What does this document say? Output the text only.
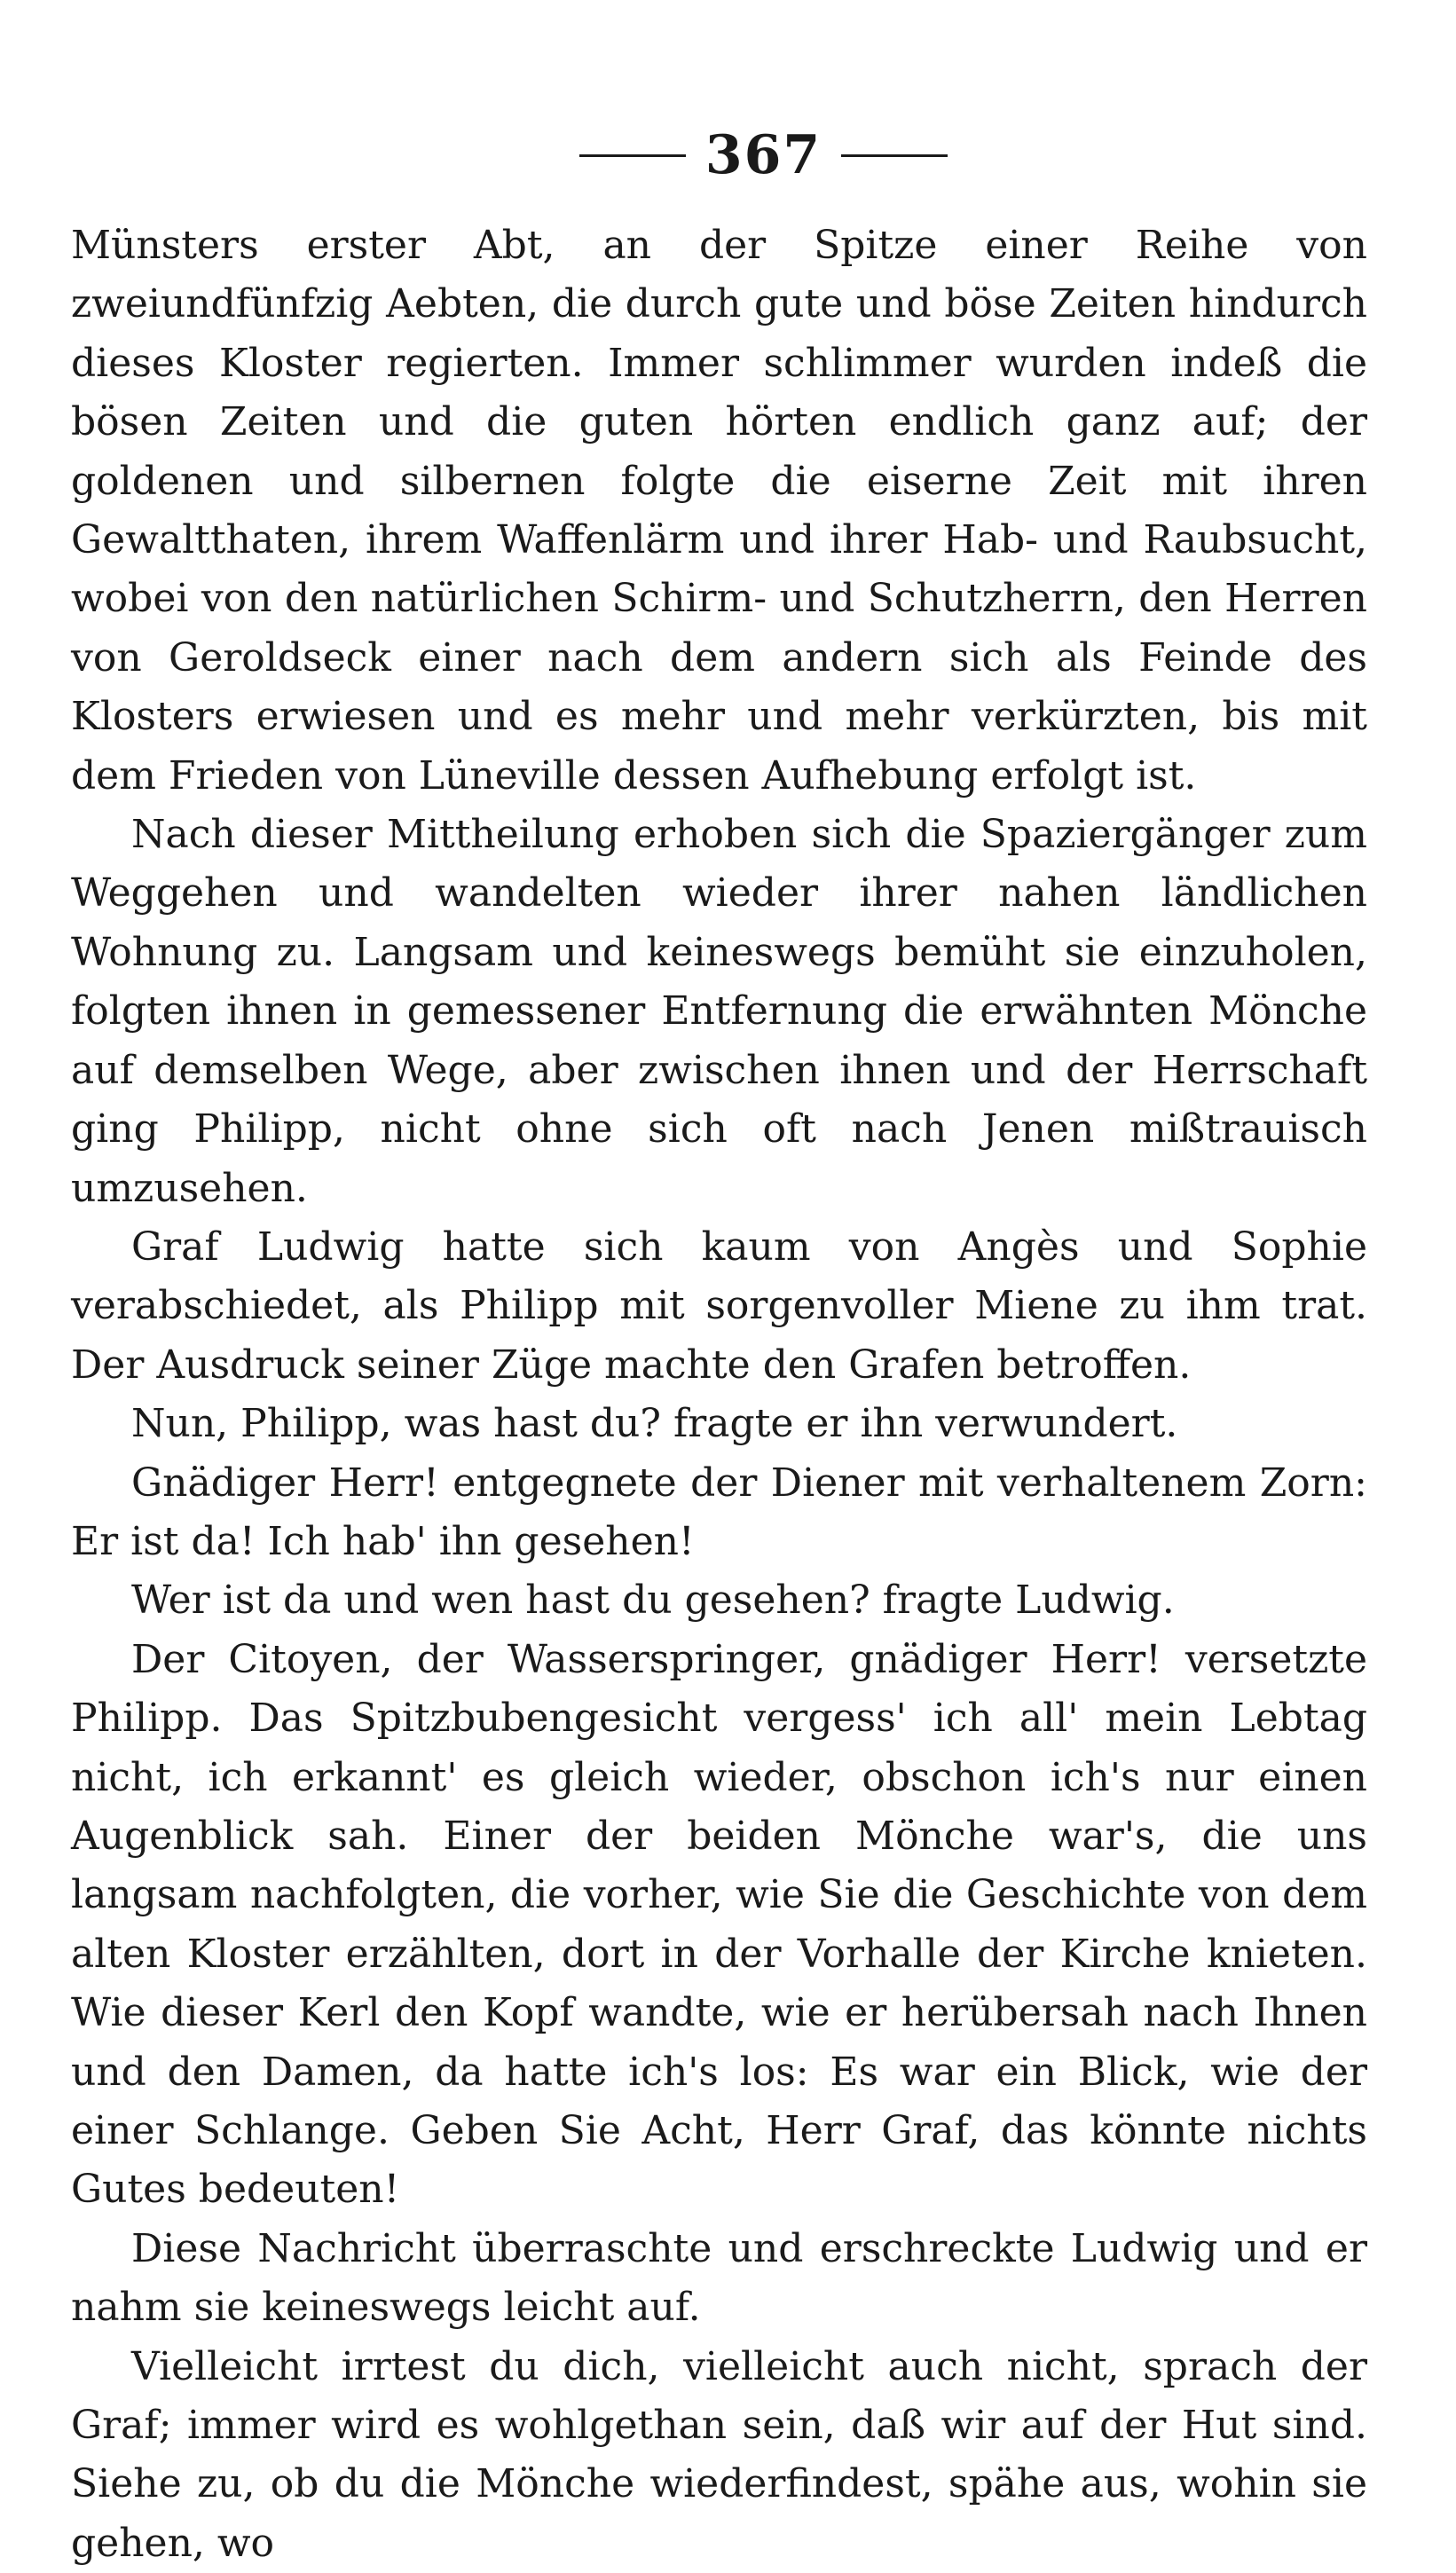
367

Münsters erster Abt, an der Spitze einer Reihe von zweiundfünfzig Aebten, die durch gute und böse Zeiten hindurch dieses Kloster regierten. Immer schlimmer wurden indeß die bösen Zeiten und die guten hörten endlich ganz auf; der goldenen und silbernen folgte die eiserne Zeit mit ihren Gewaltthaten, ihrem Waffenlärm und ihrer Hab- und Raubsucht, wobei von den natürlichen Schirm- und Schutzherrn, den Herren von Geroldseck einer nach dem andern sich als Feinde des Klosters erwiesen und es mehr und mehr verkürzten, bis mit dem Frieden von Lüneville dessen Aufhebung erfolgt ist.

Nach dieser Mittheilung erhoben sich die Spaziergänger zum Weggehen und wandelten wieder ihrer nahen ländlichen Wohnung zu. Langsam und keineswegs bemüht sie einzuholen, folgten ihnen in gemessener Entfernung die erwähnten Mönche auf demselben Wege, aber zwischen ihnen und der Herrschaft ging Philipp, nicht ohne sich oft nach Jenen mißtrauisch umzusehen.

Graf Ludwig hatte sich kaum von Angès und Sophie verabschiedet, als Philipp mit sorgenvoller Miene zu ihm trat. Der Ausdruck seiner Züge machte den Grafen betroffen.

Nun, Philipp, was hast du? fragte er ihn verwundert.

Gnädiger Herr! entgegnete der Diener mit verhaltenem Zorn: Er ist da! Ich hab' ihn gesehen!

Wer ist da und wen hast du gesehen? fragte Ludwig.

Der Citoyen, der Wasserspringer, gnädiger Herr! versetzte Philipp. Das Spitzbubengesicht vergess' ich all' mein Lebtag nicht, ich erkannt' es gleich wieder, obschon ich's nur einen Augenblick sah. Einer der beiden Mönche war's, die uns langsam nachfolgten, die vorher, wie Sie die Geschichte von dem alten Kloster erzählten, dort in der Vorhalle der Kirche knieten. Wie dieser Kerl den Kopf wandte, wie er herübersah nach Ihnen und den Damen, da hatte ich's los: Es war ein Blick, wie der einer Schlange. Geben Sie Acht, Herr Graf, das könnte nichts Gutes bedeuten!

Diese Nachricht überraschte und erschreckte Ludwig und er nahm sie keineswegs leicht auf.

Vielleicht irrtest du dich, vielleicht auch nicht, sprach der Graf; immer wird es wohlgethan sein, daß wir auf der Hut sind. Siehe zu, ob du die Mönche wiederfindest, spähe aus, wohin sie gehen, wo
